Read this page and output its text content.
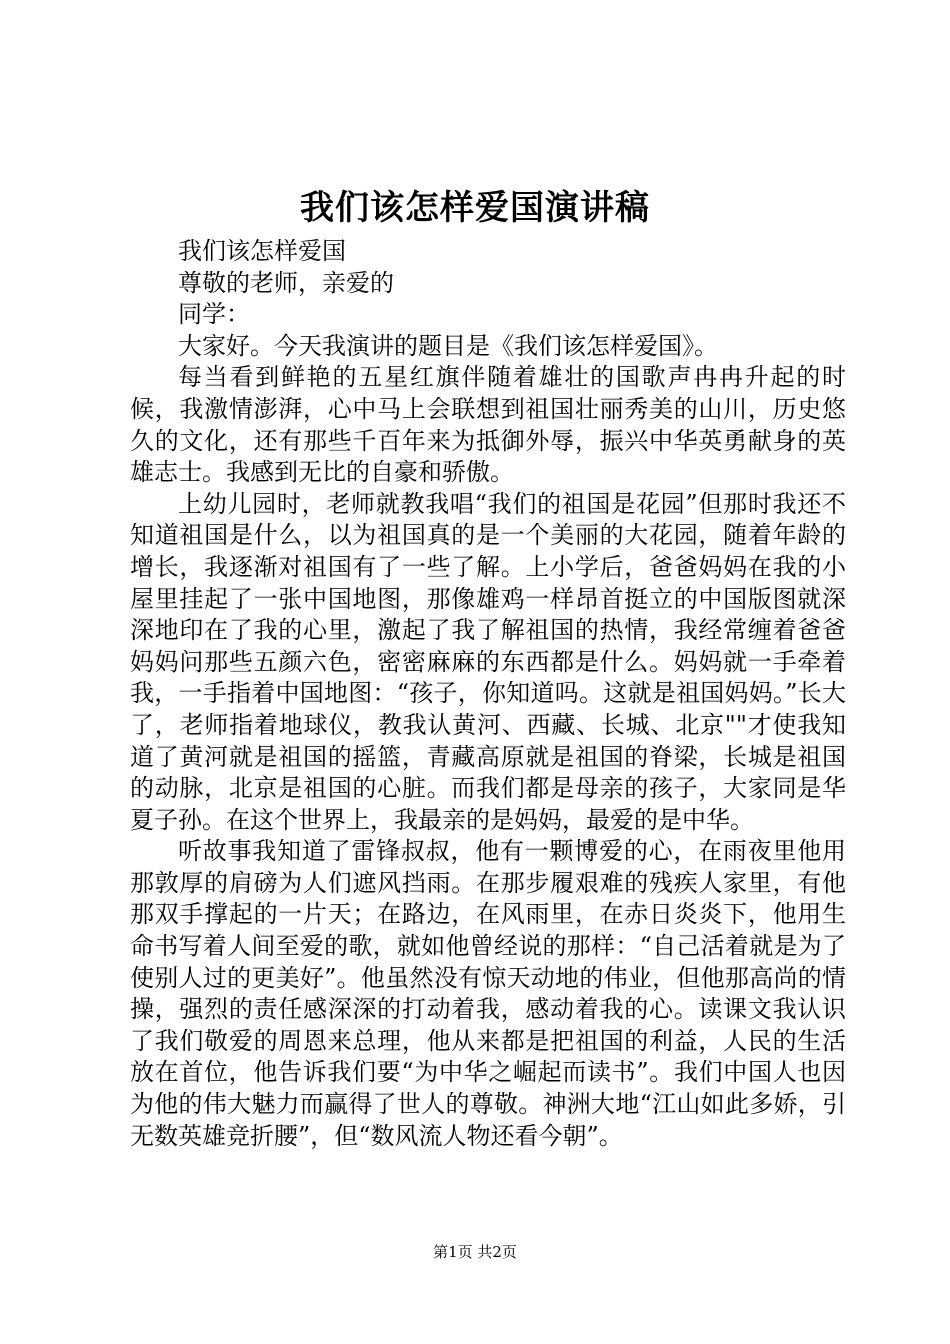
我们该怎样爱国演讲稿
我们该怎样爱国
尊敬的老师，亲爱的
同学：
大家好。今天我演讲的题目是《我们该怎样爱国》。

每当看到鲜艳的五星红旗伴随着雄壮的国歌声冉冉升起的时候，我激情澎湃，心中马上会联想到祖国壮丽秀美的山川，历史悠久的文化，还有那些千百年来为抵御外辱，振兴中华英勇献身的英雄志士。我感到无比的自豪和骄傲。

上幼儿园时，老师就教我唱“我们的祖国是花园”但那时我还不知道祖国是什么，以为祖国真的是一个美丽的大花园，随着年龄的增长，我逐渐对祖国有了一些了解。上小学后，爸爸妈妈在我的小屋里挂起了一张中国地图，那像雄鸡一样昂首挺立的中国版图就深深地印在了我的心里，激起了我了解祖国的热情，我经常缠着爸爸妈妈问那些五颜六色，密密麻麻的东西都是什么。妈妈就一手牵着我，一手指着中国地图：“孩子，你知道吗。这就是祖国妈妈。”长大了，老师指着地球仪，教我认黄河、西藏、长城、北京""才使我知道了黄河就是祖国的摇篮，青藏高原就是祖国的脊梁，长城是祖国的动脉，北京是祖国的心脏。而我们都是母亲的孩子，大家同是华夏子孙。在这个世界上，我最亲的是妈妈，最爱的是中华。

听故事我知道了雷锋叔叔，他有一颗博爱的心，在雨夜里他用那敦厚的肩磅为人们遮风挡雨。在那步履艰难的残疾人家里，有他那双手撑起的一片天；在路边，在风雨里，在赤日炎炎下，他用生命书写着人间至爱的歌，就如他曾经说的那样：“自己活着就是为了使别人过的更美好”。他虽然没有惊天动地的伟业，但他那高尚的情操，强烈的责任感深深的打动着我，感动着我的心。读课文我认识了我们敬爱的周恩来总理，他从来都是把祖国的利益，人民的生活放在首位，他告诉我们要“为中华之崛起而读书”。我们中国人也因为他的伟大魅力而赢得了世人的尊敬。神洲大地“江山如此多娇，引无数英雄竞折腰”，但“数风流人物还看今朝”。

第1页 共2页
